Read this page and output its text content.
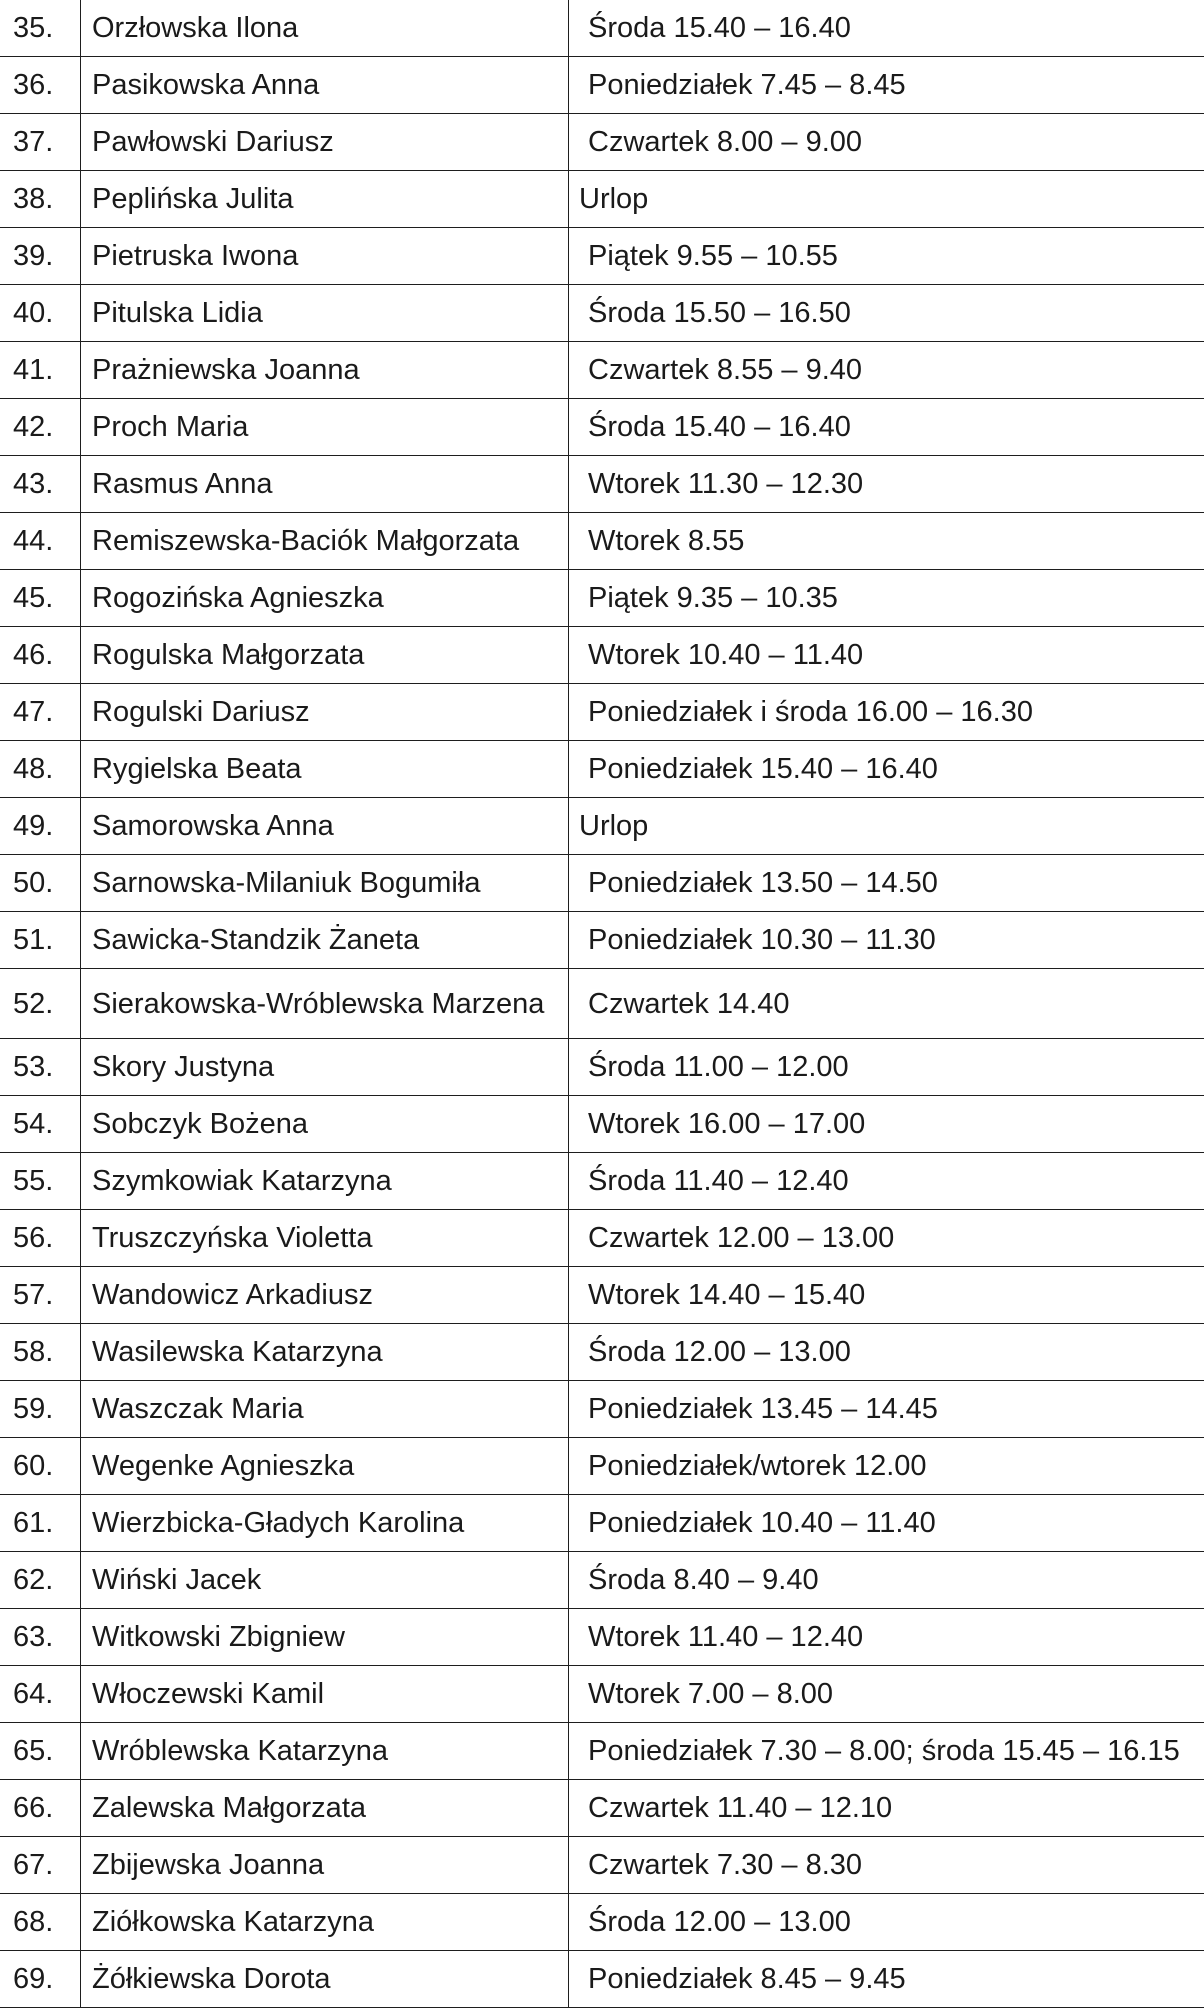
35.	Orzłowska Ilona	Środa 15.40 – 16.40
36.	Pasikowska Anna	Poniedziałek 7.45 – 8.45
37.	Pawłowski Dariusz	Czwartek 8.00 – 9.00
38.	Peplińska Julita	Urlop
39.	Pietruska Iwona	Piątek 9.55 – 10.55
40.	Pitulska Lidia	Środa 15.50 – 16.50
41.	Prażniewska Joanna	Czwartek 8.55 – 9.40
42.	Proch Maria	Środa 15.40 – 16.40
43.	Rasmus Anna	Wtorek 11.30 – 12.30
44.	Remiszewska-Baciók Małgorzata	Wtorek 8.55
45.	Rogozińska Agnieszka	Piątek 9.35 – 10.35
46.	Rogulska Małgorzata	Wtorek 10.40 – 11.40
47.	Rogulski Dariusz	Poniedziałek i środa 16.00 – 16.30
48.	Rygielska Beata	Poniedziałek 15.40 – 16.40
49.	Samorowska Anna	Urlop
50.	Sarnowska-Milaniuk Bogumiła	Poniedziałek 13.50 – 14.50
51.	Sawicka-Standzik Żaneta	Poniedziałek 10.30 – 11.30
52.	Sierakowska-Wróblewska Marzena	Czwartek 14.40
53.	Skory Justyna	Środa 11.00 – 12.00
54.	Sobczyk Bożena	Wtorek 16.00 – 17.00
55.	Szymkowiak Katarzyna	Środa 11.40 – 12.40
56.	Truszczyńska Violetta	Czwartek 12.00 – 13.00
57.	Wandowicz Arkadiusz	Wtorek 14.40 – 15.40
58.	Wasilewska Katarzyna	Środa 12.00 – 13.00
59.	Waszczak Maria	Poniedziałek 13.45 – 14.45
60.	Wegenke Agnieszka	Poniedziałek/wtorek 12.00
61.	Wierzbicka-Gładych Karolina	Poniedziałek 10.40 – 11.40
62.	Wiński Jacek	Środa 8.40 – 9.40
63.	Witkowski Zbigniew	Wtorek 11.40 – 12.40
64.	Włoczewski Kamil	Wtorek 7.00 – 8.00
65.	Wróblewska Katarzyna	Poniedziałek 7.30 – 8.00; środa 15.45 – 16.15
66.	Zalewska Małgorzata	Czwartek 11.40 – 12.10
67.	Zbijewska Joanna	Czwartek 7.30 – 8.30
68.	Ziółkowska Katarzyna	Środa 12.00 – 13.00
69.	Żółkiewska Dorota	Poniedziałek 8.45 – 9.45
